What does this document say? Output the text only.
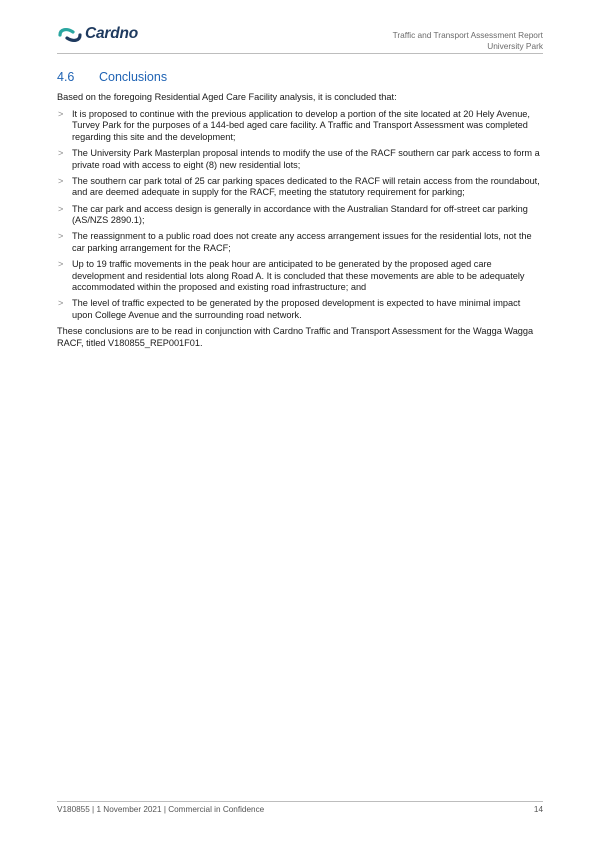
Cardno	Traffic and Transport Assessment Report
University Park
4.6 Conclusions

Based on the foregoing Residential Aged Care Facility analysis, it is concluded that:

> It is proposed to continue with the previous application to develop a portion of the site located at 20 Hely Avenue, Turvey Park for the purposes of a 144-bed aged care facility. A Traffic and Transport Assessment was completed regarding this site and the development;
> The University Park Masterplan proposal intends to modify the use of the RACF southern car park access to form a private road with access to eight (8) new residential lots;
> The southern car park total of 25 car parking spaces dedicated to the RACF will retain access from the roundabout, and are deemed adequate in supply for the RACF, meeting the statutory requirement for parking;
> The car park and access design is generally in accordance with the Australian Standard for off-street car parking (AS/NZS 2890.1);
> The reassignment to a public road does not create any access arrangement issues for the residential lots, not the car parking arrangement for the RACF;
> Up to 19 traffic movements in the peak hour are anticipated to be generated by the proposed aged care development and residential lots along Road A. It is concluded that these movements are able to be adequately accommodated within the proposed and existing road infrastructure; and
> The level of traffic expected to be generated by the proposed development is expected to have minimal impact upon College Avenue and the surrounding road network.

These conclusions are to be read in conjunction with Cardno Traffic and Transport Assessment for the Wagga Wagga RACF, titled V180855_REP001F01.

V180855 | 1 November 2021 | Commercial in Confidence	14
